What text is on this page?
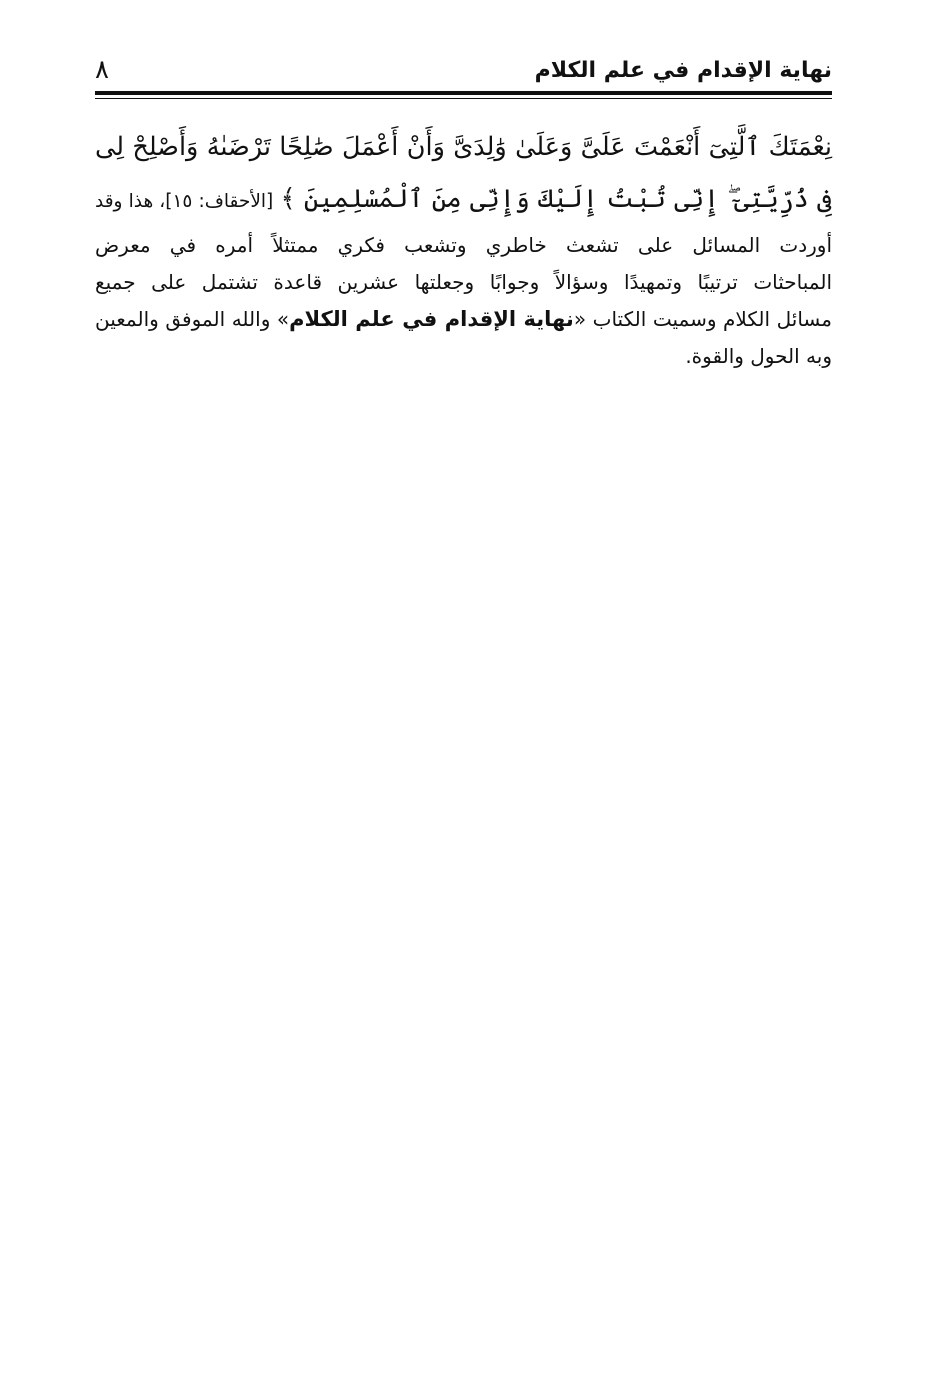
نهاية الإقدام في علم الكلام
٨

نِعْمَتَكَ ٱلَّتِىٓ أَنْعَمْتَ عَلَىَّ وَعَلَىٰ وَٰلِدَىَّ وَأَنْ أَعْمَلَ صَٰلِحًا تَرْضَىٰهُ وَأَصْلِحْ لِى

فِى ذُرِّيَّتِىٓ ۖ إِنِّى تُبْتُ إِلَيْكَ وَإِنِّى مِنَ ٱلْمُسْلِمِينَ ﴾ [الأحقاف: ١٥]، هذا وقد

أوردت المسائل على تشعث خاطري وتشعب فكري ممتثلاً أمره في معرض

المباحثات ترتيبًا وتمهيدًا وسؤالاً وجوابًا وجعلتها عشرين قاعدة تشتمل على جميع

مسائل الكلام وسميت الكتاب «نهاية الإقدام في علم الكلام» والله الموفق والمعين

وبه الحول والقوة.
